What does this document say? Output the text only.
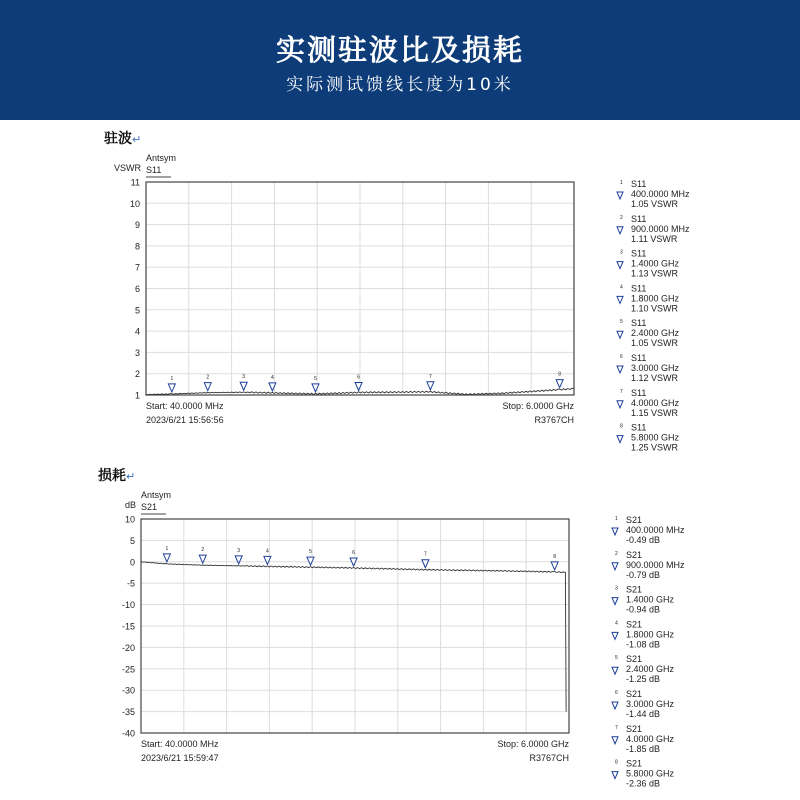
实测驻波比及损耗
实际测试馈线长度为10米
驻波↵
损耗↵
11
10
9
8
7
6
5
4
3
2
1
VSWR
Antsym
S11
Start: 40.0000 MHz
2023/6/21 15:56:56
Stop: 6.0000 GHz
R3767CH
1
1 S11
400.0000 MHz
1.05 VSWR
2
2 S11
900.0000 MHz
1.11 VSWR
3
3 S11
1.4000 GHz
1.13 VSWR
4
4 S11
1.8000 GHz
1.10 VSWR
5
5 S11
2.4000 GHz
1.05 VSWR
6
6 S11
3.0000 GHz
1.12 VSWR
7
7 S11
4.0000 GHz
1.15 VSWR
8
8 S11
5.8000 GHz
1.25 VSWR
10
5
0
-5
-10
-15
-20
-25
-30
-35
-40
dB
Antsym
S21
Start: 40.0000 MHz
2023/6/21 15:59:47
Stop: 6.0000 GHz
R3767CH
1
1 S21
400.0000 MHz
-0.49 dB
2
2 S21
900.0000 MHz
-0.79 dB
3
3 S21
1.4000 GHz
-0.94 dB
4
4 S21
1.8000 GHz
-1.08 dB
5
5 S21
2.4000 GHz
-1.25 dB
6
6 S21
3.0000 GHz
-1.44 dB
7
7 S21
4.0000 GHz
-1.85 dB
8
8 S21
5.8000 GHz
-2.36 dB
